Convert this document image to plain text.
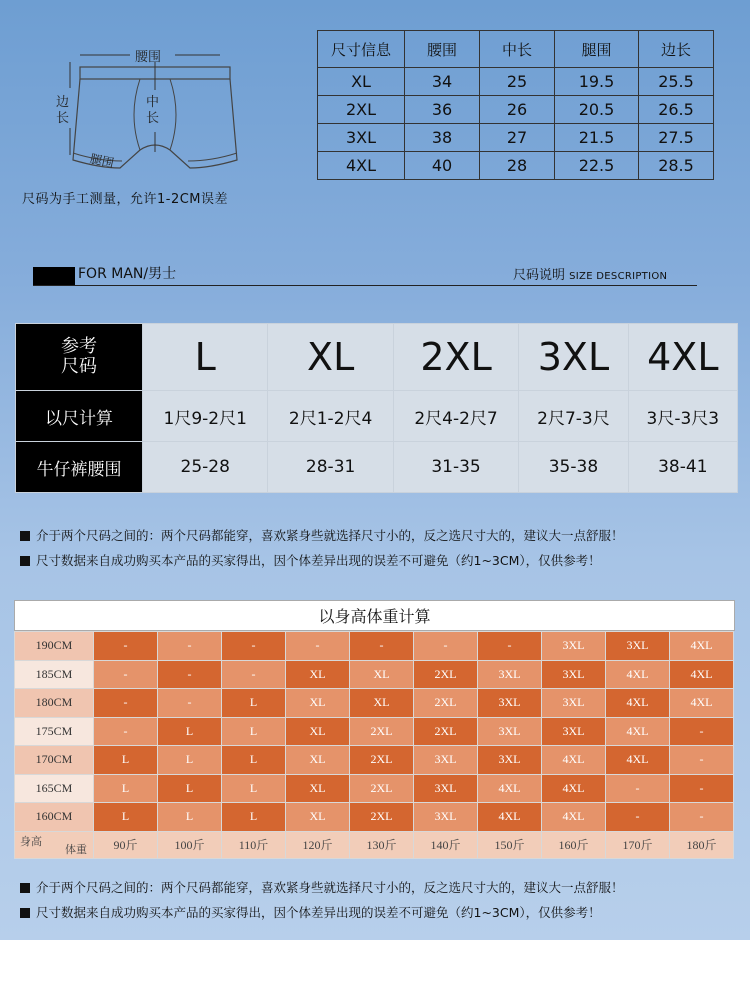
腰围
边长
中长
腿围
尺码为手工测量，允许1-2CM误差
尺寸信息	腰围	中长	腿围	边长
XL	34	25	19.5	25.5
2XL	36	26	20.5	26.5
3XL	38	27	21.5	27.5
4XL	40	28	22.5	28.5
FOR MAN/男士	尺码说明 SIZE DESCRIPTION
参考
尺码	L	XL	2XL	3XL	4XL
以尺计算	1尺9-2尺1	2尺1-2尺4	2尺4-2尺7	2尺7-3尺	3尺-3尺3
牛仔裤腰围	25-28	28-31	31-35	35-38	38-41
介于两个尺码之间的：两个尺码都能穿，喜欢紧身些就选择尺寸小的，反之选尺寸大的，建议大一点舒服！
尺寸数据来自成功购买本产品的买家得出，因个体差异出现的误差不可避免（约1~3CM），仅供参考！
以身高体重计算
190CM	-	-	-	-	-	-	-	3XL	3XL	4XL
185CM	-	-	-	XL	XL	2XL	3XL	3XL	4XL	4XL
180CM	-	-	L	XL	XL	2XL	3XL	3XL	4XL	4XL
175CM	-	L	L	XL	2XL	2XL	3XL	3XL	4XL	-
170CM	L	L	L	XL	2XL	3XL	3XL	4XL	4XL	-
165CM	L	L	L	XL	2XL	3XL	4XL	4XL	-	-
160CM	L	L	L	XL	2XL	3XL	4XL	4XL	-	-

身高
体重	90斤	100斤	110斤	120斤	130斤	140斤	150斤	160斤	170斤	180斤
介于两个尺码之间的：两个尺码都能穿，喜欢紧身些就选择尺寸小的，反之选尺寸大的，建议大一点舒服！
尺寸数据来自成功购买本产品的买家得出，因个体差异出现的误差不可避免（约1~3CM），仅供参考！
